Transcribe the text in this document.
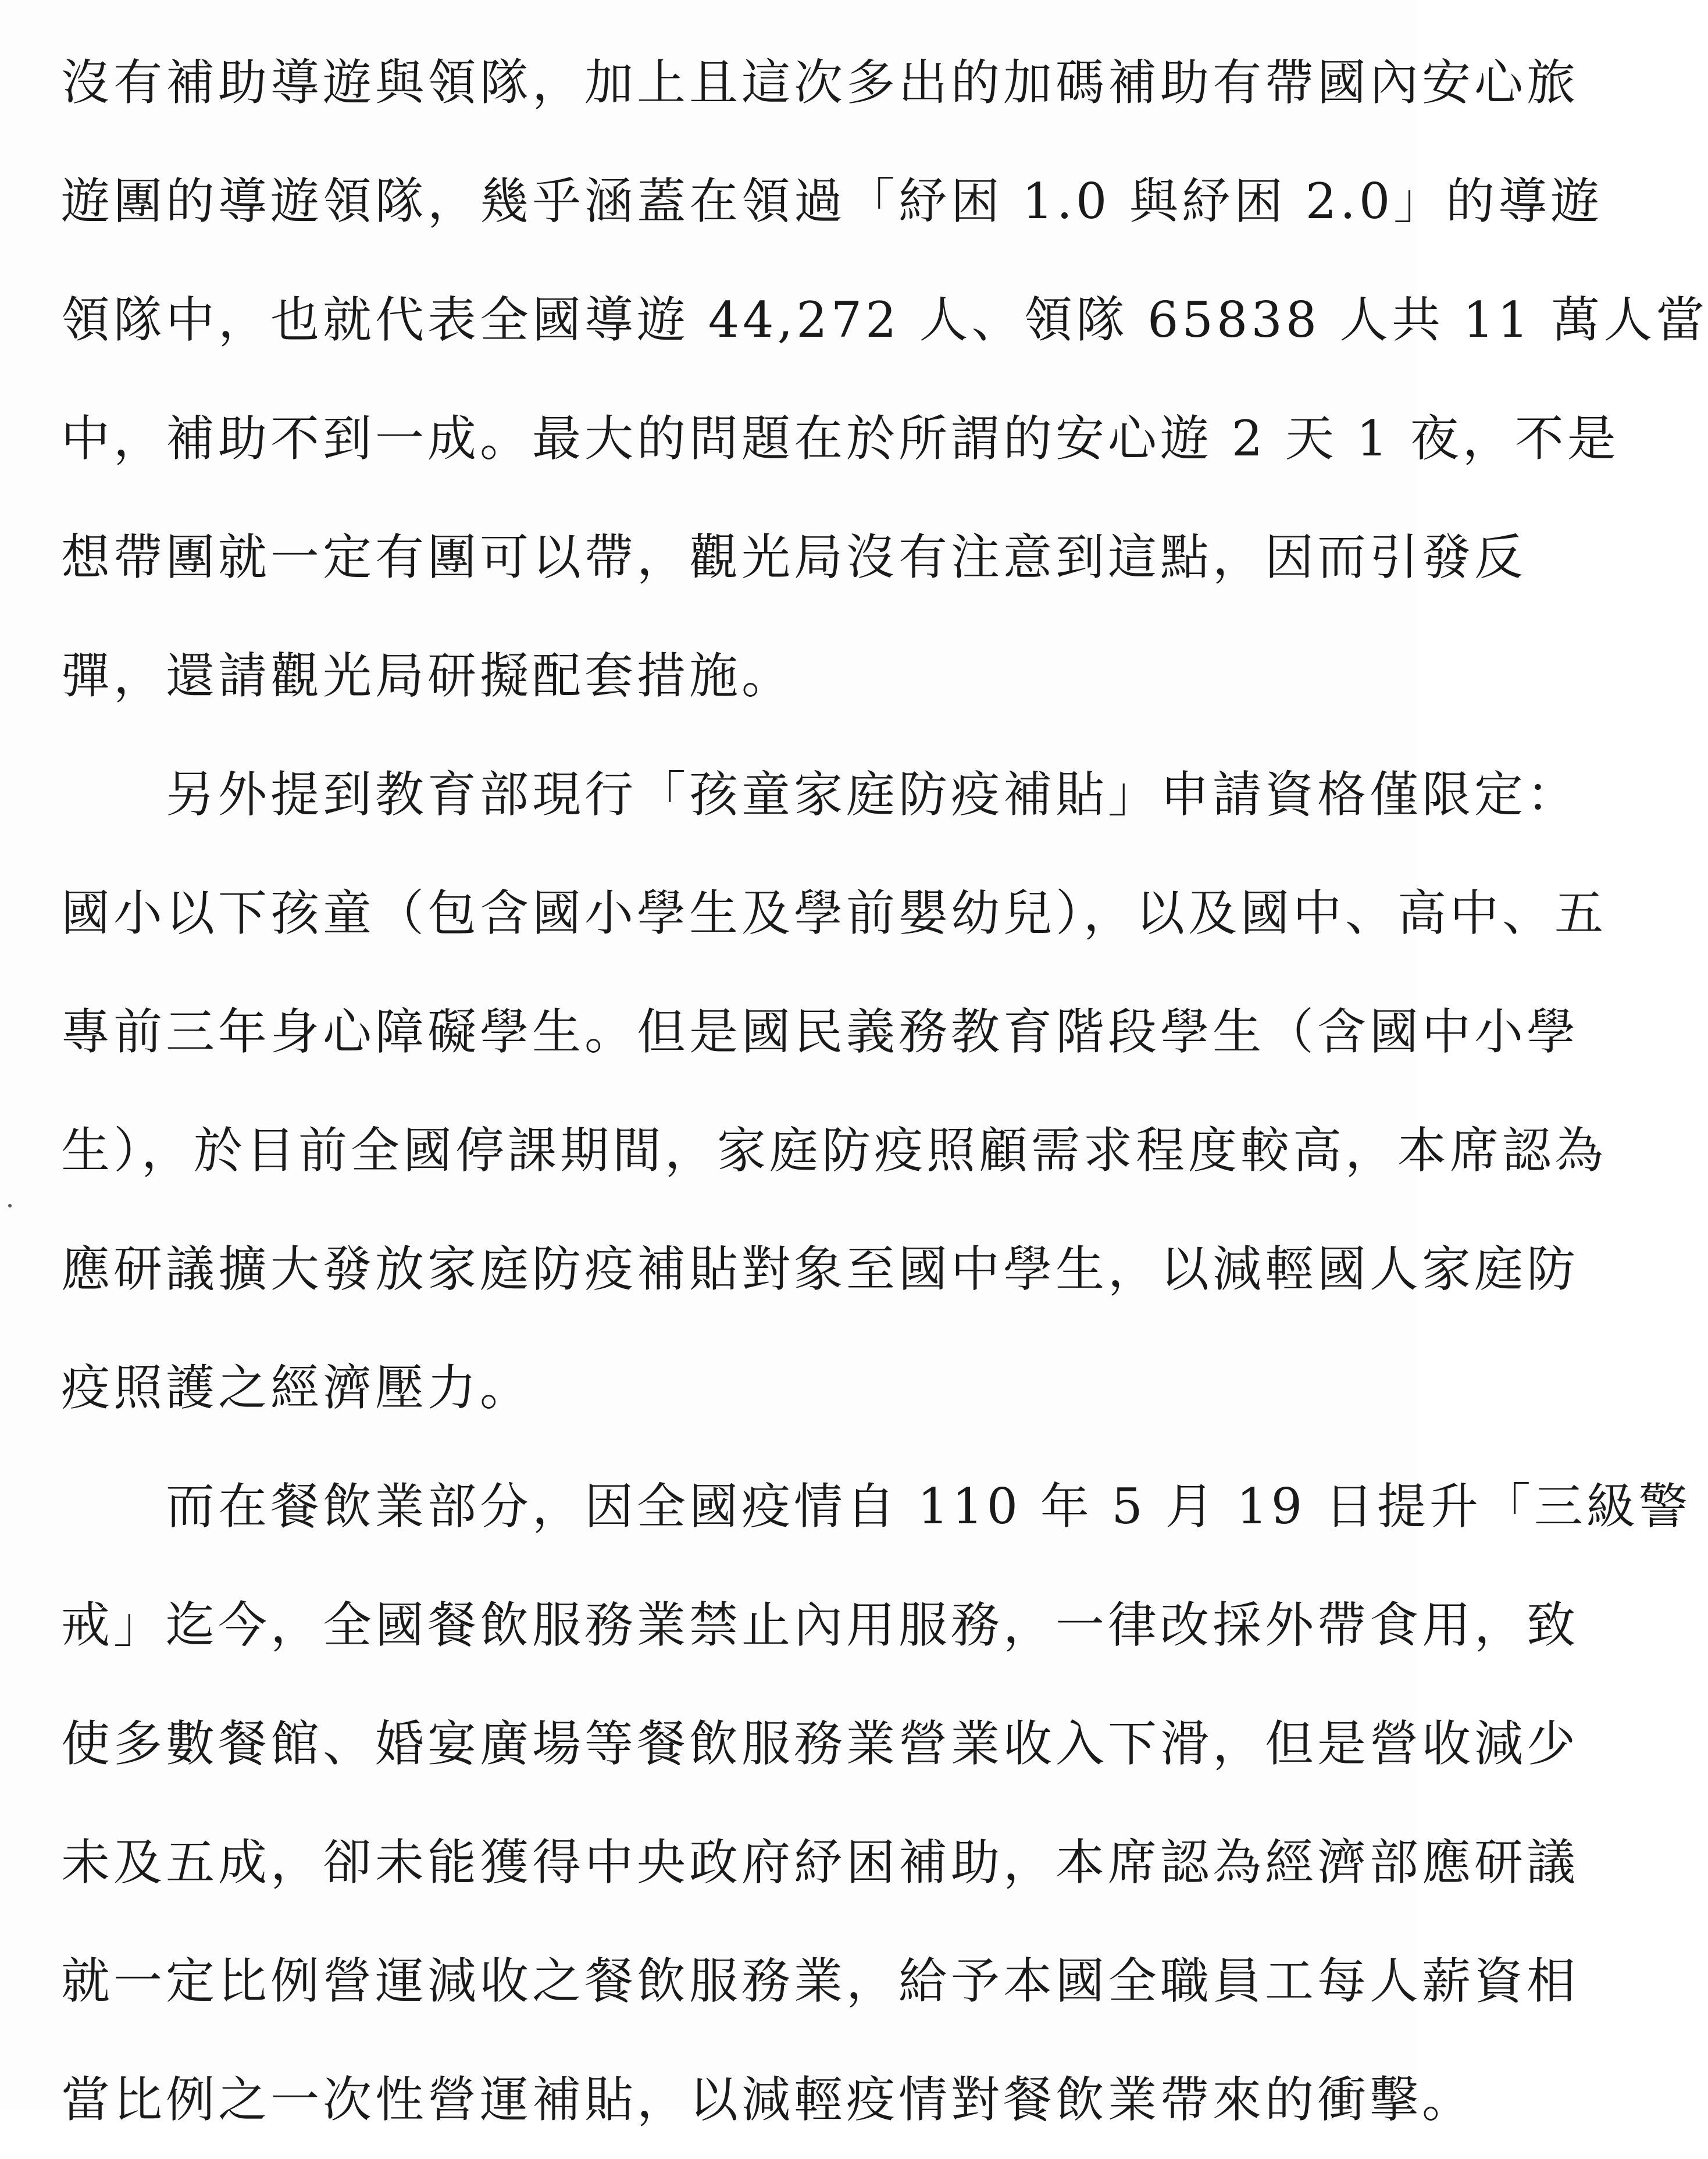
沒有補助導遊與領隊，加上且這次多出的加碼補助有帶國內安心旅
遊團的導遊領隊，幾乎涵蓋在領過「紓困 1.0 與紓困 2.0」的導遊
領隊中，也就代表全國導遊 44,272 人、領隊 65838 人共 11 萬人當
中，補助不到一成。最大的問題在於所謂的安心遊 2 天 1 夜，不是
想帶團就一定有團可以帶，觀光局沒有注意到這點，因而引發反
彈，還請觀光局研擬配套措施。
　　另外提到教育部現行「孩童家庭防疫補貼」申請資格僅限定：
國小以下孩童（包含國小學生及學前嬰幼兒），以及國中、高中、五
專前三年身心障礙學生。但是國民義務教育階段學生（含國中小學
生），於目前全國停課期間，家庭防疫照顧需求程度較高，本席認為
應研議擴大發放家庭防疫補貼對象至國中學生，以減輕國人家庭防
疫照護之經濟壓力。
　　而在餐飲業部分，因全國疫情自 110 年 5 月 19 日提升「三級警
戒」迄今，全國餐飲服務業禁止內用服務，一律改採外帶食用，致
使多數餐館、婚宴廣場等餐飲服務業營業收入下滑，但是營收減少
未及五成，卻未能獲得中央政府紓困補助，本席認為經濟部應研議
就一定比例營運減收之餐飲服務業，給予本國全職員工每人薪資相
當比例之一次性營運補貼，以減輕疫情對餐飲業帶來的衝擊。
